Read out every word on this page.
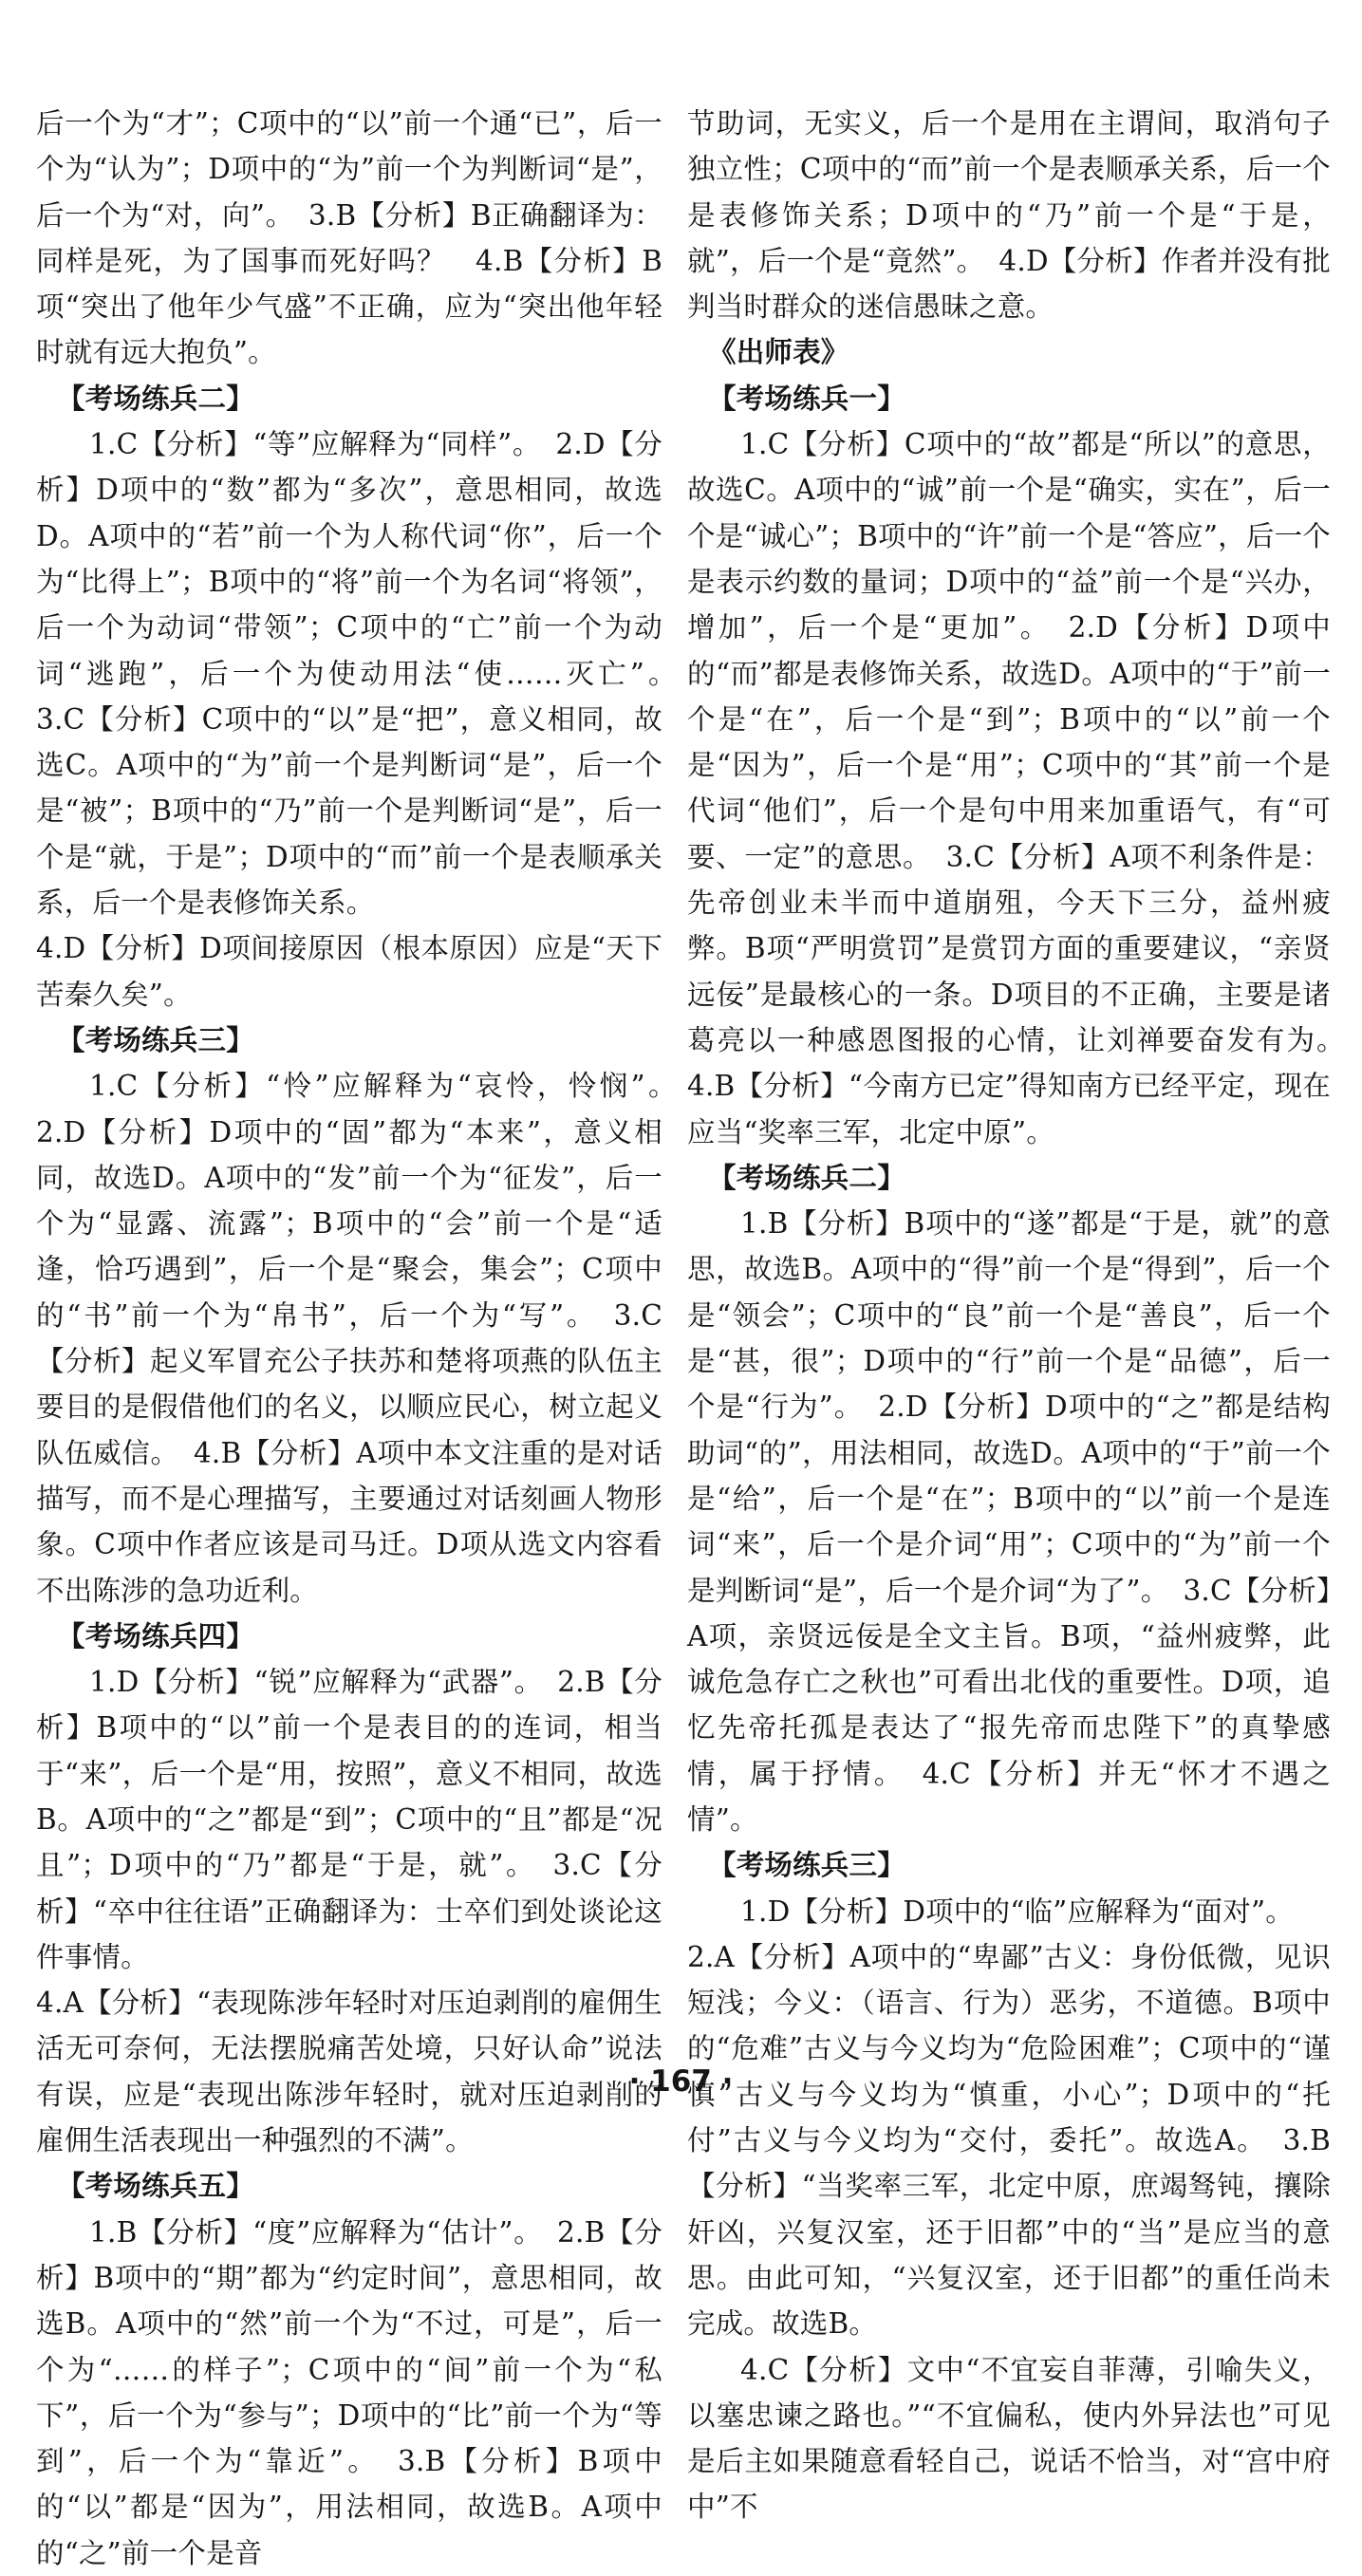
后一个为“才”；C项中的“以”前一个通“已”，后一个为“认为”；D项中的“为”前一个为判断词“是”，后一个为“对，向”。　3.B【分析】B正确翻译为：同样是死，为了国事而死好吗？　4.B【分析】B项“突出了他年少气盛”不正确，应为“突出他年轻时就有远大抱负”。

【考场练兵二】

1.C【分析】“等”应解释为“同样”。　2.D【分析】D项中的“数”都为“多次”，意思相同，故选D。A项中的“若”前一个为人称代词“你”，后一个为“比得上”；B项中的“将”前一个为名词“将领”，后一个为动词“带领”；C项中的“亡”前一个为动词“逃跑”，后一个为使动用法“使……灭亡”。　3.C【分析】C项中的“以”是“把”，意义相同，故选C。A项中的“为”前一个是判断词“是”，后一个是“被”；B项中的“乃”前一个是判断词“是”，后一个是“就，于是”；D项中的“而”前一个是表顺承关系，后一个是表修饰关系。

4.D【分析】D项间接原因（根本原因）应是“天下苦秦久矣”。

【考场练兵三】

1.C【分析】“怜”应解释为“哀怜，怜悯”。　2.D【分析】D项中的“固”都为“本来”，意义相同，故选D。A项中的“发”前一个为“征发”，后一个为“显露、流露”；B项中的“会”前一个是“适逢，恰巧遇到”，后一个是“聚会，集会”；C项中的“书”前一个为“帛书”，后一个为“写”。　3.C【分析】起义军冒充公子扶苏和楚将项燕的队伍主要目的是假借他们的名义，以顺应民心，树立起义队伍威信。　4.B【分析】A项中本文注重的是对话描写，而不是心理描写，主要通过对话刻画人物形象。C项中作者应该是司马迁。D项从选文内容看不出陈涉的急功近利。

【考场练兵四】

1.D【分析】“锐”应解释为“武器”。　2.B【分析】B项中的“以”前一个是表目的的连词，相当于“来”，后一个是“用，按照”，意义不相同，故选B。A项中的“之”都是“到”；C项中的“且”都是“况且”；D项中的“乃”都是“于是，就”。　3.C【分析】“卒中往往语”正确翻译为：士卒们到处谈论这件事情。

4.A【分析】“表现陈涉年轻时对压迫剥削的雇佣生活无可奈何，无法摆脱痛苦处境，只好认命”说法有误，应是“表现出陈涉年轻时，就对压迫剥削的雇佣生活表现出一种强烈的不满”。

【考场练兵五】

1.B【分析】“度”应解释为“估计”。　2.B【分析】B项中的“期”都为“约定时间”，意思相同，故选B。A项中的“然”前一个为“不过，可是”，后一个为“……的样子”；C项中的“间”前一个为“私下”，后一个为“参与”；D项中的“比”前一个为“等到”，后一个为“靠近”。　3.B【分析】B项中的“以”都是“因为”，用法相同，故选B。A项中的“之”前一个是音

节助词，无实义，后一个是用在主谓间，取消句子独立性；C项中的“而”前一个是表顺承关系，后一个是表修饰关系；D项中的“乃”前一个是“于是，就”，后一个是“竟然”。　4.D【分析】作者并没有批判当时群众的迷信愚昧之意。

《出师表》

【考场练兵一】

1.C【分析】C项中的“故”都是“所以”的意思，故选C。A项中的“诚”前一个是“确实，实在”，后一个是“诚心”；B项中的“许”前一个是“答应”，后一个是表示约数的量词；D项中的“益”前一个是“兴办，增加”，后一个是“更加”。　2.D【分析】D项中的“而”都是表修饰关系，故选D。A项中的“于”前一个是“在”，后一个是“到”；B项中的“以”前一个是“因为”，后一个是“用”；C项中的“其”前一个是代词“他们”，后一个是句中用来加重语气，有“可要、一定”的意思。　3.C【分析】A项不利条件是：先帝创业未半而中道崩殂，今天下三分，益州疲弊。B项“严明赏罚”是赏罚方面的重要建议，“亲贤远佞”是最核心的一条。D项目的不正确，主要是诸葛亮以一种感恩图报的心情，让刘禅要奋发有为。　4.B【分析】“今南方已定”得知南方已经平定，现在应当“奖率三军，北定中原”。

【考场练兵二】

1.B【分析】B项中的“遂”都是“于是，就”的意思，故选B。A项中的“得”前一个是“得到”，后一个是“领会”；C项中的“良”前一个是“善良”，后一个是“甚，很”；D项中的“行”前一个是“品德”，后一个是“行为”。　2.D【分析】D项中的“之”都是结构助词“的”，用法相同，故选D。A项中的“于”前一个是“给”，后一个是“在”；B项中的“以”前一个是连词“来”，后一个是介词“用”；C项中的“为”前一个是判断词“是”，后一个是介词“为了”。　3.C【分析】A项，亲贤远佞是全文主旨。B项，“益州疲弊，此诚危急存亡之秋也”可看出北伐的重要性。D项，追忆先帝托孤是表达了“报先帝而忠陛下”的真挚感情，属于抒情。　4.C【分析】并无“怀才不遇之情”。

【考场练兵三】

1.D【分析】D项中的“临”应解释为“面对”。

2.A【分析】A项中的“卑鄙”古义：身份低微，见识短浅；今义：（语言、行为）恶劣，不道德。B项中的“危难”古义与今义均为“危险困难”；C项中的“谨慎”古义与今义均为“慎重，小心”；D项中的“托付”古义与今义均为“交付，委托”。故选A。　3.B【分析】“当奖率三军，北定中原，庶竭驽钝，攘除奸凶，兴复汉室，还于旧都”中的“当”是应当的意思。由此可知，“兴复汉室，还于旧都”的重任尚未完成。故选B。

4.C【分析】文中“不宜妄自菲薄，引喻失义，以塞忠谏之路也。”“不宜偏私，使内外异法也”可见是后主如果随意看轻自己，说话不恰当，对“宫中府中”不

· 167 ·
